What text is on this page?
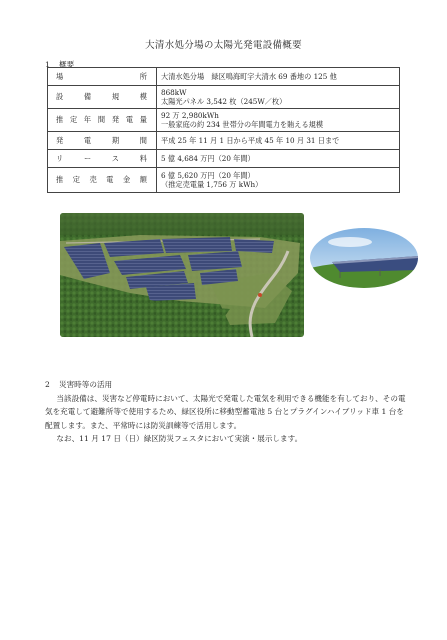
大清水処分場の太陽光発電設備概要
1 概要
場　所	大清水処分場　緑区鳴海町字大清水 69 番地の 125 他

設備規模	868kW
太陽光パネル 3,542 枚（245W／枚）

推定年間発電量	92 万 2,980kWh
一般家庭の約 234 世帯分の年間電力を賄える規模

発電期間	平成 25 年 11 月 1 日から平成 45 年 10 月 31 日まで

リース料	5 億 4,684 万円（20 年間）

推定売電金額	6 億 5,620 万円（20 年間）
（推定売電量 1,756 万 kWh）
2 災害時等の活用

当該設備は、災害など停電時において、太陽光で発電した電気を利用できる機能を有しており、その電気を充電して避難所等で使用するため、緑区役所に移動型蓄電池 5 台とプラグインハイブリッド車 1 台を配置します。また、平常時には防災訓練等で活用します。

なお、11 月 17 日（日）緑区防災フェスタにおいて実演・展示します。
